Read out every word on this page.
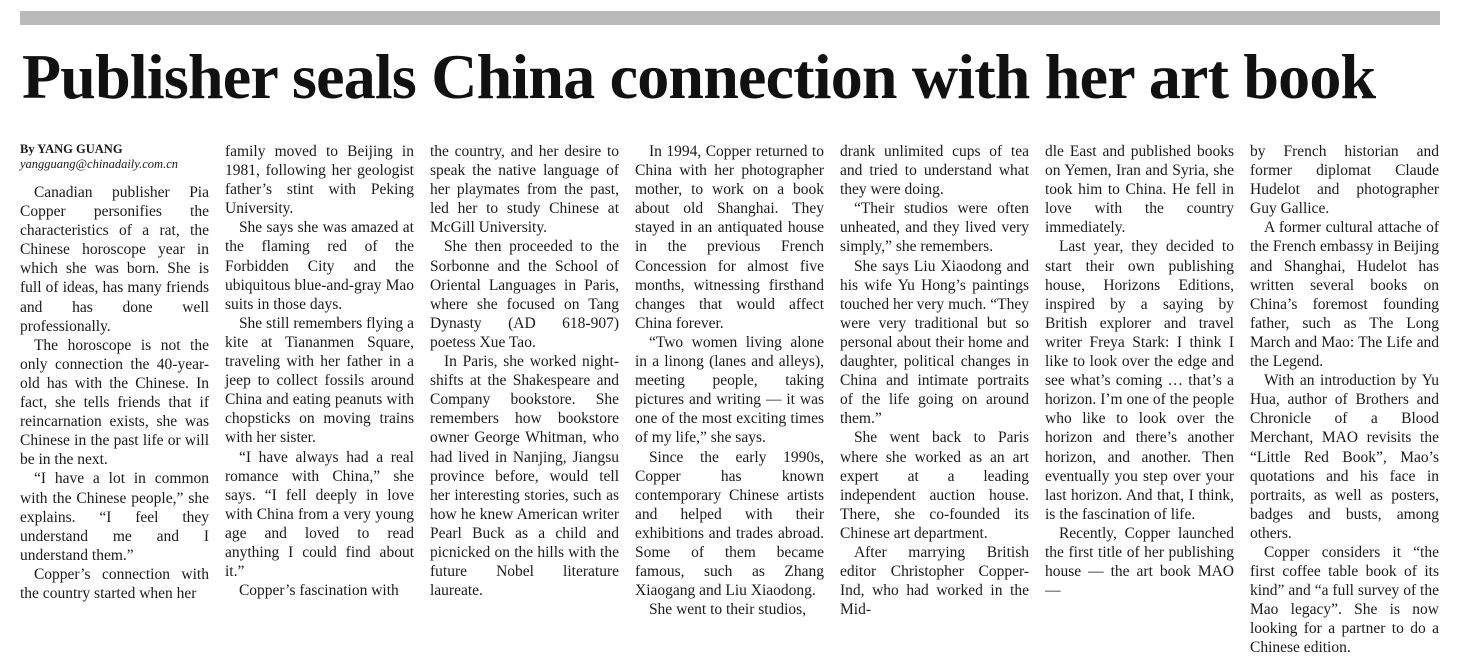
Publisher seals China connection with her art book
By YANG GUANG
yangguang@chinadaily.com.cn

Canadian publisher Pia Copper personifies the characteristics of a rat, the Chinese horoscope year in which she was born. She is full of ideas, has many friends and has done well professionally.

The horoscope is not the only connection the 40-year-old has with the Chinese. In fact, she tells friends that if reincarnation exists, she was Chinese in the past life or will be in the next.

“I have a lot in common with the Chinese people,” she explains. “I feel they understand me and I understand them.”

Copper’s connection with the country started when her

family moved to Beijing in 1981, following her geologist father’s stint with Peking University.

She says she was amazed at the flaming red of the Forbidden City and the ubiquitous blue-and-gray Mao suits in those days.

She still remembers flying a kite at Tiananmen Square, traveling with her father in a jeep to collect fossils around China and eating peanuts with chopsticks on moving trains with her sister.

“I have always had a real romance with China,” she says. “I fell deeply in love with China from a very young age and loved to read anything I could find about it.”

Copper’s fascination with

the country, and her desire to speak the native language of her playmates from the past, led her to study Chinese at McGill University.

She then proceeded to the Sorbonne and the School of Oriental Languages in Paris, where she focused on Tang Dynasty (AD 618-907) poetess Xue Tao.

In Paris, she worked night-shifts at the Shakespeare and Company bookstore. She remembers how bookstore owner George Whitman, who had lived in Nanjing, Jiangsu province before, would tell her interesting stories, such as how he knew American writer Pearl Buck as a child and picnicked on the hills with the future Nobel literature laureate.

In 1994, Copper returned to China with her photographer mother, to work on a book about old Shanghai. They stayed in an antiquated house in the previous French Concession for almost five months, witnessing firsthand changes that would affect China forever.

“Two women living alone in a linong (lanes and alleys), meeting people, taking pictures and writing — it was one of the most exciting times of my life,” she says.

Since the early 1990s, Copper has known contemporary Chinese artists and helped with their exhibitions and trades abroad. Some of them became famous, such as Zhang Xiaogang and Liu Xiaodong.

She went to their studios,

drank unlimited cups of tea and tried to understand what they were doing.

“Their studios were often unheated, and they lived very simply,” she remembers.

She says Liu Xiaodong and his wife Yu Hong’s paintings touched her very much. “They were very traditional but so personal about their home and daughter, political changes in China and intimate portraits of the life going on around them.”

She went back to Paris where she worked as an art expert at a leading independent auction house. There, she co-founded its Chinese art department.

After marrying British editor Christopher Copper-Ind, who had worked in the Mid-

dle East and published books on Yemen, Iran and Syria, she took him to China. He fell in love with the country immediately.

Last year, they decided to start their own publishing house, Horizons Editions, inspired by a saying by British explorer and travel writer Freya Stark: I think I like to look over the edge and see what’s coming … that’s a horizon. I’m one of the people who like to look over the horizon and there’s another horizon, and another. Then eventually you step over your last horizon. And that, I think, is the fascination of life.

Recently, Copper launched the first title of her publishing house — the art book MAO —

by French historian and former diplomat Claude Hudelot and photographer Guy Gallice.

A former cultural attache of the French embassy in Beijing and Shanghai, Hudelot has written several books on China’s foremost founding father, such as The Long March and Mao: The Life and the Legend.

With an introduction by Yu Hua, author of Brothers and Chronicle of a Blood Merchant, MAO revisits the “Little Red Book”, Mao’s quotations and his face in portraits, as well as posters, badges and busts, among others.

Copper considers it “the first coffee table book of its kind” and “a full survey of the Mao legacy”. She is now looking for a partner to do a Chinese edition.
